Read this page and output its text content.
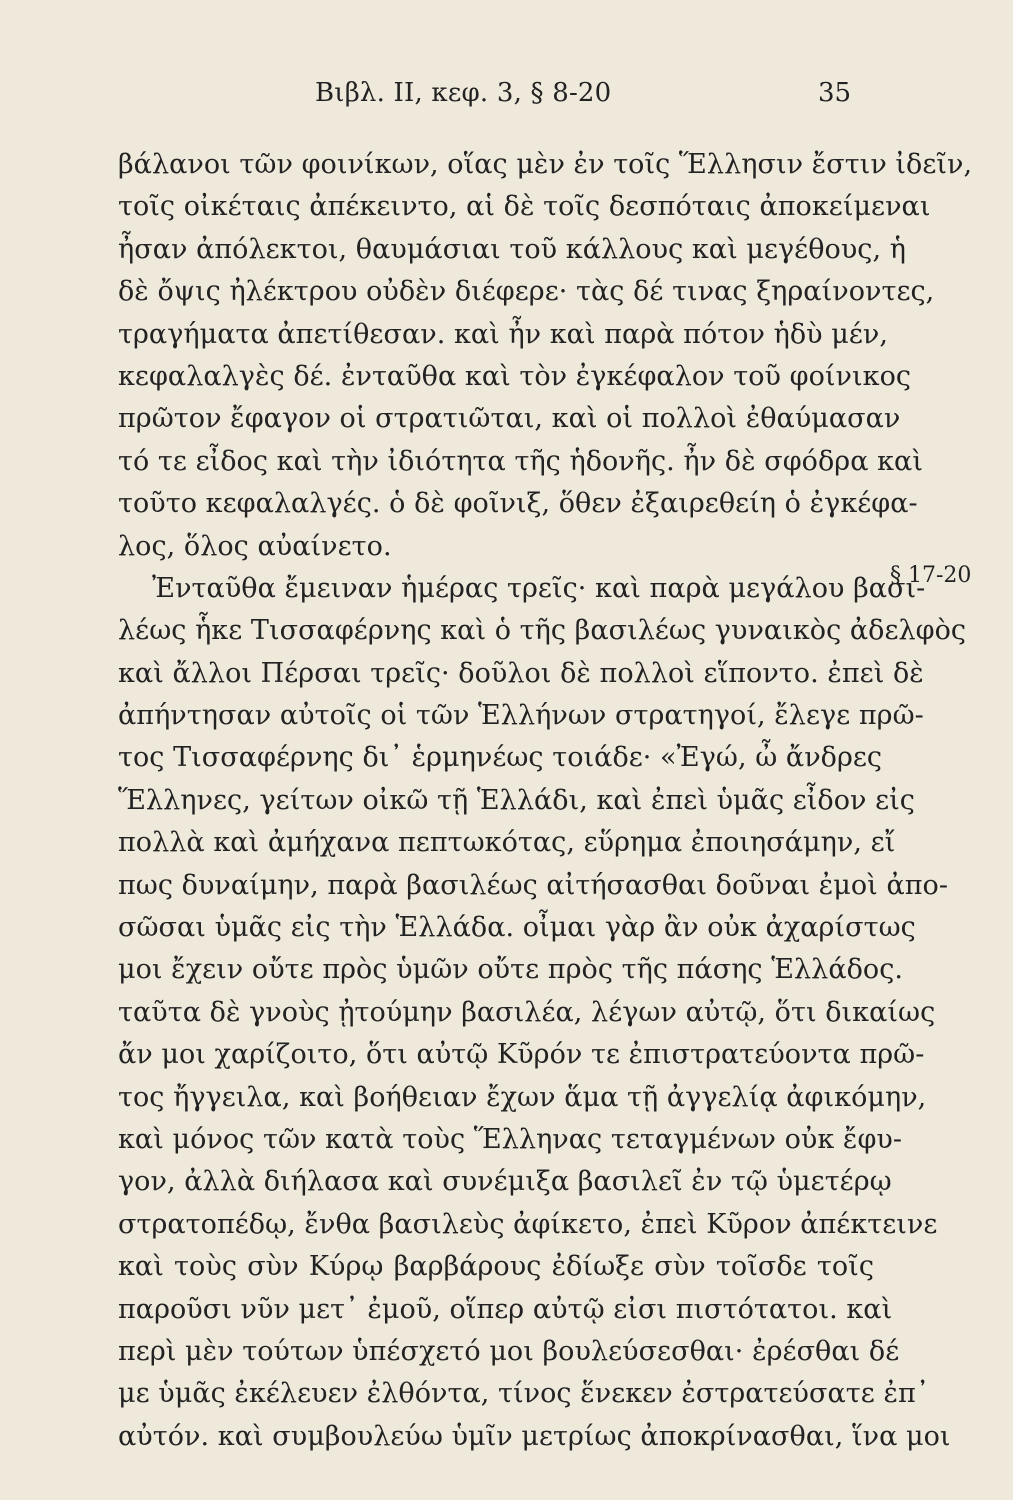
Βιβλ. II, κεφ. 3, § 8-20	35
§ 17-20
βάλανοι τῶν φοινίκων, οἵας μὲν ἐν τοῖς Ἕλλησιν ἔστιν ἰδεῖν,
τοῖς οἰκέταις ἀπέκειντο, αἱ δὲ τοῖς δεσπόταις ἀποκείμεναι
ἦσαν ἀπόλεκτοι, θαυμάσιαι τοῦ κάλλους καὶ μεγέθους, ἡ
δὲ ὄψις ἠλέκτρου οὐδὲν διέφερε· τὰς δέ τινας ξηραίνοντες,
τραγήματα ἀπετίθεσαν. καὶ ἦν καὶ παρὰ πότον ἡδὺ μέν,
κεφαλαλγὲς δέ. ἐνταῦθα καὶ τὸν ἐγκέφαλον τοῦ φοίνικος
πρῶτον ἔφαγον οἱ στρατιῶται, καὶ οἱ πολλοὶ ἐθαύμασαν
τό τε εἶδος καὶ τὴν ἰδιότητα τῆς ἡδονῆς. ἦν δὲ σφόδρα καὶ
τοῦτο κεφαλαλγές. ὁ δὲ φοῖνιξ, ὅθεν ἐξαιρεθείη ὁ ἐγκέφα-
λος, ὅλος αὐαίνετο.
Ἐνταῦθα ἔμειναν ἡμέρας τρεῖς· καὶ παρὰ μεγάλου βασι-
λέως ἧκε Τισσαφέρνης καὶ ὁ τῆς βασιλέως γυναικὸς ἀδελφὸς
καὶ ἄλλοι Πέρσαι τρεῖς· δοῦλοι δὲ πολλοὶ εἵποντο. ἐπεὶ δὲ
ἀπήντησαν αὐτοῖς οἱ τῶν Ἑλλήνων στρατηγοί, ἔλεγε πρῶ-
τος Τισσαφέρνης δι᾽ ἑρμηνέως τοιάδε· «Ἐγώ, ὦ ἄνδρες
Ἕλληνες, γείτων οἰκῶ τῇ Ἑλλάδι, καὶ ἐπεὶ ὑμᾶς εἶδον εἰς
πολλὰ καὶ ἀμήχανα πεπτωκότας, εὕρημα ἐποιησάμην, εἴ
πως δυναίμην, παρὰ βασιλέως αἰτήσασθαι δοῦναι ἐμοὶ ἀπο-
σῶσαι ὑμᾶς εἰς τὴν Ἑλλάδα. οἶμαι γὰρ ἂν οὐκ ἀχαρίστως
μοι ἔχειν οὔτε πρὸς ὑμῶν οὔτε πρὸς τῆς πάσης Ἑλλάδος.
ταῦτα δὲ γνοὺς ᾐτούμην βασιλέα, λέγων αὐτῷ, ὅτι δικαίως
ἄν μοι χαρίζοιτο, ὅτι αὐτῷ Κῦρόν τε ἐπιστρατεύοντα πρῶ-
τος ἤγγειλα, καὶ βοήθειαν ἔχων ἅμα τῇ ἀγγελίᾳ ἀφικόμην,
καὶ μόνος τῶν κατὰ τοὺς Ἕλληνας τεταγμένων οὐκ ἔφυ-
γον, ἀλλὰ διήλασα καὶ συνέμιξα βασιλεῖ ἐν τῷ ὑμετέρῳ
στρατοπέδῳ, ἔνθα βασιλεὺς ἀφίκετο, ἐπεὶ Κῦρον ἀπέκτεινε
καὶ τοὺς σὺν Κύρῳ βαρβάρους ἐδίωξε σὺν τοῖσδε τοῖς
παροῦσι νῦν μετ᾽ ἐμοῦ, οἵπερ αὐτῷ εἰσι πιστότατοι. καὶ
περὶ μὲν τούτων ὑπέσχετό μοι βουλεύσεσθαι· ἐρέσθαι δέ
με ὑμᾶς ἐκέλευεν ἐλθόντα, τίνος ἕνεκεν ἐστρατεύσατε ἐπ᾽
αὐτόν. καὶ συμβουλεύω ὑμῖν μετρίως ἀποκρίνασθαι, ἵνα μοι
